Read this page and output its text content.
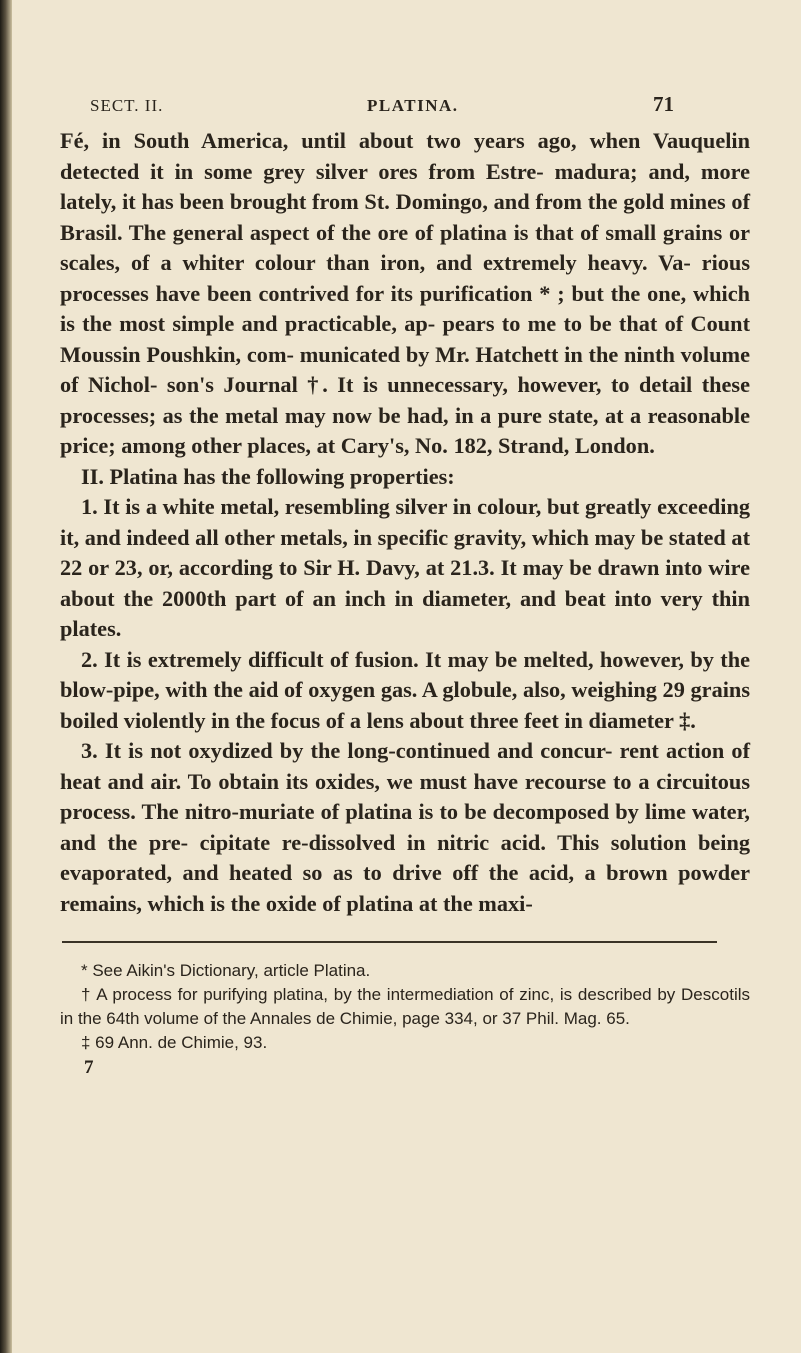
SECT. II.	PLATINA.	71

Fé, in South America, until about two years ago, when Vauquelin detected it in some grey silver ores from Estre- madura; and, more lately, it has been brought from St. Domingo, and from the gold mines of Brasil. The general aspect of the ore of platina is that of small grains or scales, of a whiter colour than iron, and extremely heavy. Va- rious processes have been contrived for its purification * ; but the one, which is the most simple and practicable, ap- pears to me to be that of Count Moussin Poushkin, com- municated by Mr. Hatchett in the ninth volume of Nichol- son's Journal †. It is unnecessary, however, to detail these processes; as the metal may now be had, in a pure state, at a reasonable price; among other places, at Cary's, No. 182, Strand, London.

II. Platina has the following properties:

1. It is a white metal, resembling silver in colour, but greatly exceeding it, and indeed all other metals, in specific gravity, which may be stated at 22 or 23, or, according to Sir H. Davy, at 21.3. It may be drawn into wire about the 2000th part of an inch in diameter, and beat into very thin plates.

2. It is extremely difficult of fusion. It may be melted, however, by the blow-pipe, with the aid of oxygen gas. A globule, also, weighing 29 grains boiled violently in the focus of a lens about three feet in diameter ‡.

3. It is not oxydized by the long-continued and concur- rent action of heat and air. To obtain its oxides, we must have recourse to a circuitous process. The nitro-muriate of platina is to be decomposed by lime water, and the pre- cipitate re-dissolved in nitric acid. This solution being evaporated, and heated so as to drive off the acid, a brown powder remains, which is the oxide of platina at the maxi-

* See Aikin's Dictionary, article Platina.

† A process for purifying platina, by the intermediation of zinc, is described by Descotils in the 64th volume of the Annales de Chimie, page 334, or 37 Phil. Mag. 65.

‡ 69 Ann. de Chimie, 93.

7
